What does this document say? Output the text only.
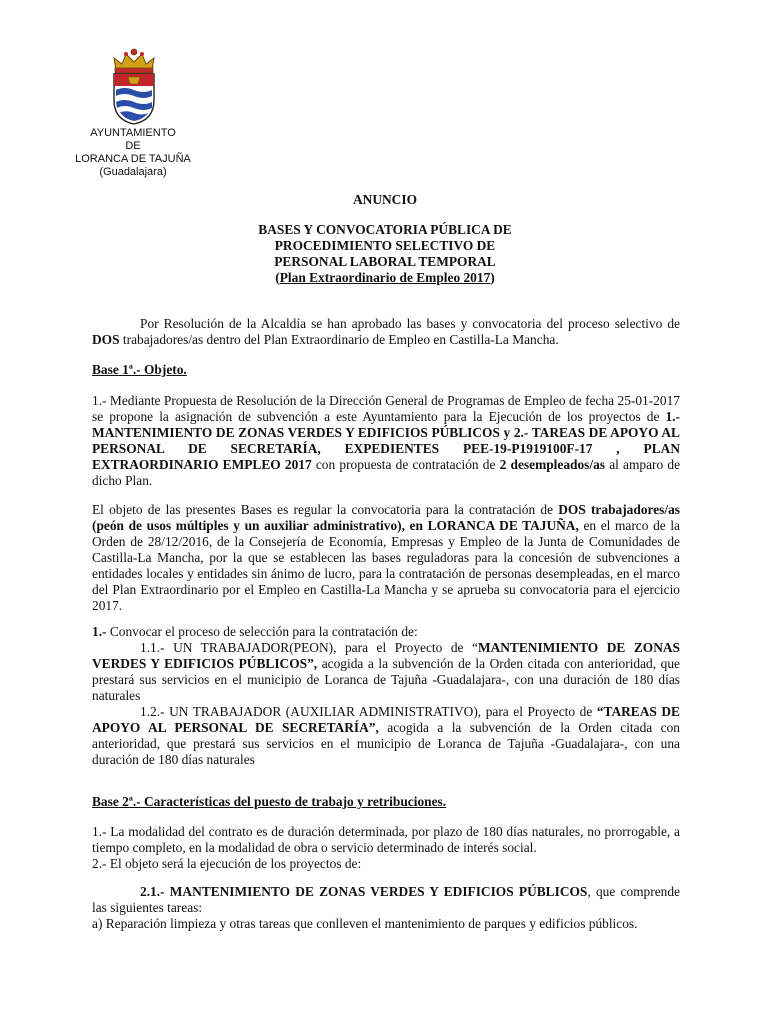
AYUNTAMIENTO
DE
LORANCA DE TAJUÑA
(Guadalajara)
ANUNCIO
BASES Y CONVOCATORIA PÚBLICA DE
PROCEDIMIENTO SELECTIVO DE
PERSONAL LABORAL TEMPORAL
(Plan Extraordinario de Empleo 2017)

Por Resolución de la Alcaldía se han aprobado las bases y convocatoria del proceso selectivo de DOS trabajadores/as dentro del Plan Extraordinario de Empleo en Castilla-La Mancha.

Base 1ª.- Objeto.

1.- Mediante Propuesta de Resolución de la Dirección General de Programas de Empleo de fecha 25-01-2017 se propone la asignación de subvención a este Ayuntamiento para la Ejecución de los proyectos de 1.- MANTENIMIENTO DE ZONAS VERDES Y EDIFICIOS PÚBLICOS y 2.- TAREAS DE APOYO AL PERSONAL DE SECRETARÍA, EXPEDIENTES PEE-19-P1919100F-17 , PLAN EXTRAORDINARIO EMPLEO 2017 con propuesta de contratación de 2 desempleados/as al amparo de dicho Plan.

El objeto de las presentes Bases es regular la convocatoria para la contratación de DOS trabajadores/as (peón de usos múltiples y un auxiliar administrativo), en LORANCA DE TAJUÑA, en el marco de la Orden de 28/12/2016, de la Consejería de Economía, Empresas y Empleo de la Junta de Comunidades de Castilla-La Mancha, por la que se establecen las bases reguladoras para la concesión de subvenciones a entidades locales y entidades sin ánimo de lucro, para la contratación de personas desempleadas, en el marco del Plan Extraordinario por el Empleo en Castilla-La Mancha y se aprueba su convocatoria para el ejercicio 2017.

1.- Convocar el proceso de selección para la contratación de:

1.1.- UN TRABAJADOR(PEON), para el Proyecto de “MANTENIMIENTO DE ZONAS VERDES Y EDIFICIOS PÚBLICOS”, acogida a la subvención de la Orden citada con anterioridad, que prestará sus servicios en el municipio de Loranca de Tajuña -Guadalajara-, con una duración de 180 días naturales

1.2.- UN TRABAJADOR (AUXILIAR ADMINISTRATIVO), para el Proyecto de “TAREAS DE APOYO AL PERSONAL DE SECRETARÍA”, acogida a la subvención de la Orden citada con anterioridad, que prestará sus servicios en el municipio de Loranca de Tajuña -Guadalajara-, con una duración de 180 días naturales

Base 2ª.- Características del puesto de trabajo y retribuciones.

1.- La modalidad del contrato es de duración determinada, por plazo de 180 días naturales, no prorrogable, a tiempo completo, en la modalidad de obra o servicio determinado de interés social.

2.- El objeto será la ejecución de los proyectos de:

2.1.- MANTENIMIENTO DE ZONAS VERDES Y EDIFICIOS PÚBLICOS, que comprende las siguientes tareas:

a) Reparación limpieza y otras tareas que conlleven el mantenimiento de parques y edificios públicos.
